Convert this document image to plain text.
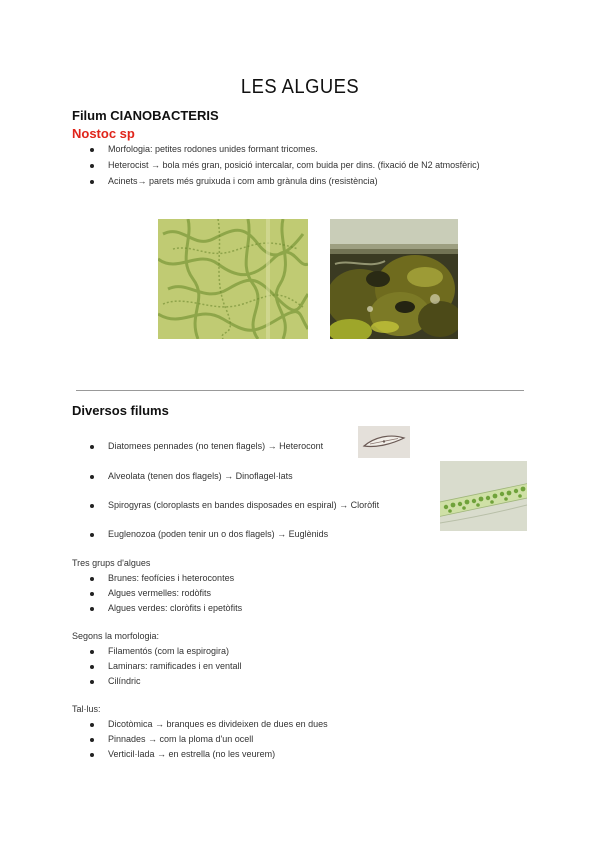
LES ALGUES
Filum CIANOBACTERIS
Nostoc sp
Morfologia: petites rodones unides formant tricomes.
Heterocist → bola més gran, posició intercalar, com buida per dins. (fixació de N2 atmosfèric)
Acinets→ parets més gruixuda i com amb grànula dins (resistència)
Diversos filums
Diatomees pennades (no tenen flagels) → Heterocont
Alveolata (tenen dos flagels) → Dinoflagel·lats
Spirogyras (cloroplasts en bandes disposades en espiral) → Cloròfit
Euglenozoa (poden tenir un o dos flagels) → Euglènids
Tres grups d'algues
Brunes: feofícies i heterocontes
Algues vermelles: rodòfits
Algues verdes: cloròfits i epetòfits
Segons la morfologia:
Filamentós (com la espirogira)
Laminars: ramificades i en ventall
Cilíndric
Tal·lus:
Dicotòmica → branques es divideixen de dues en dues
Pinnades → com la ploma d'un ocell
Verticil·lada → en estrella (no les veurem)
